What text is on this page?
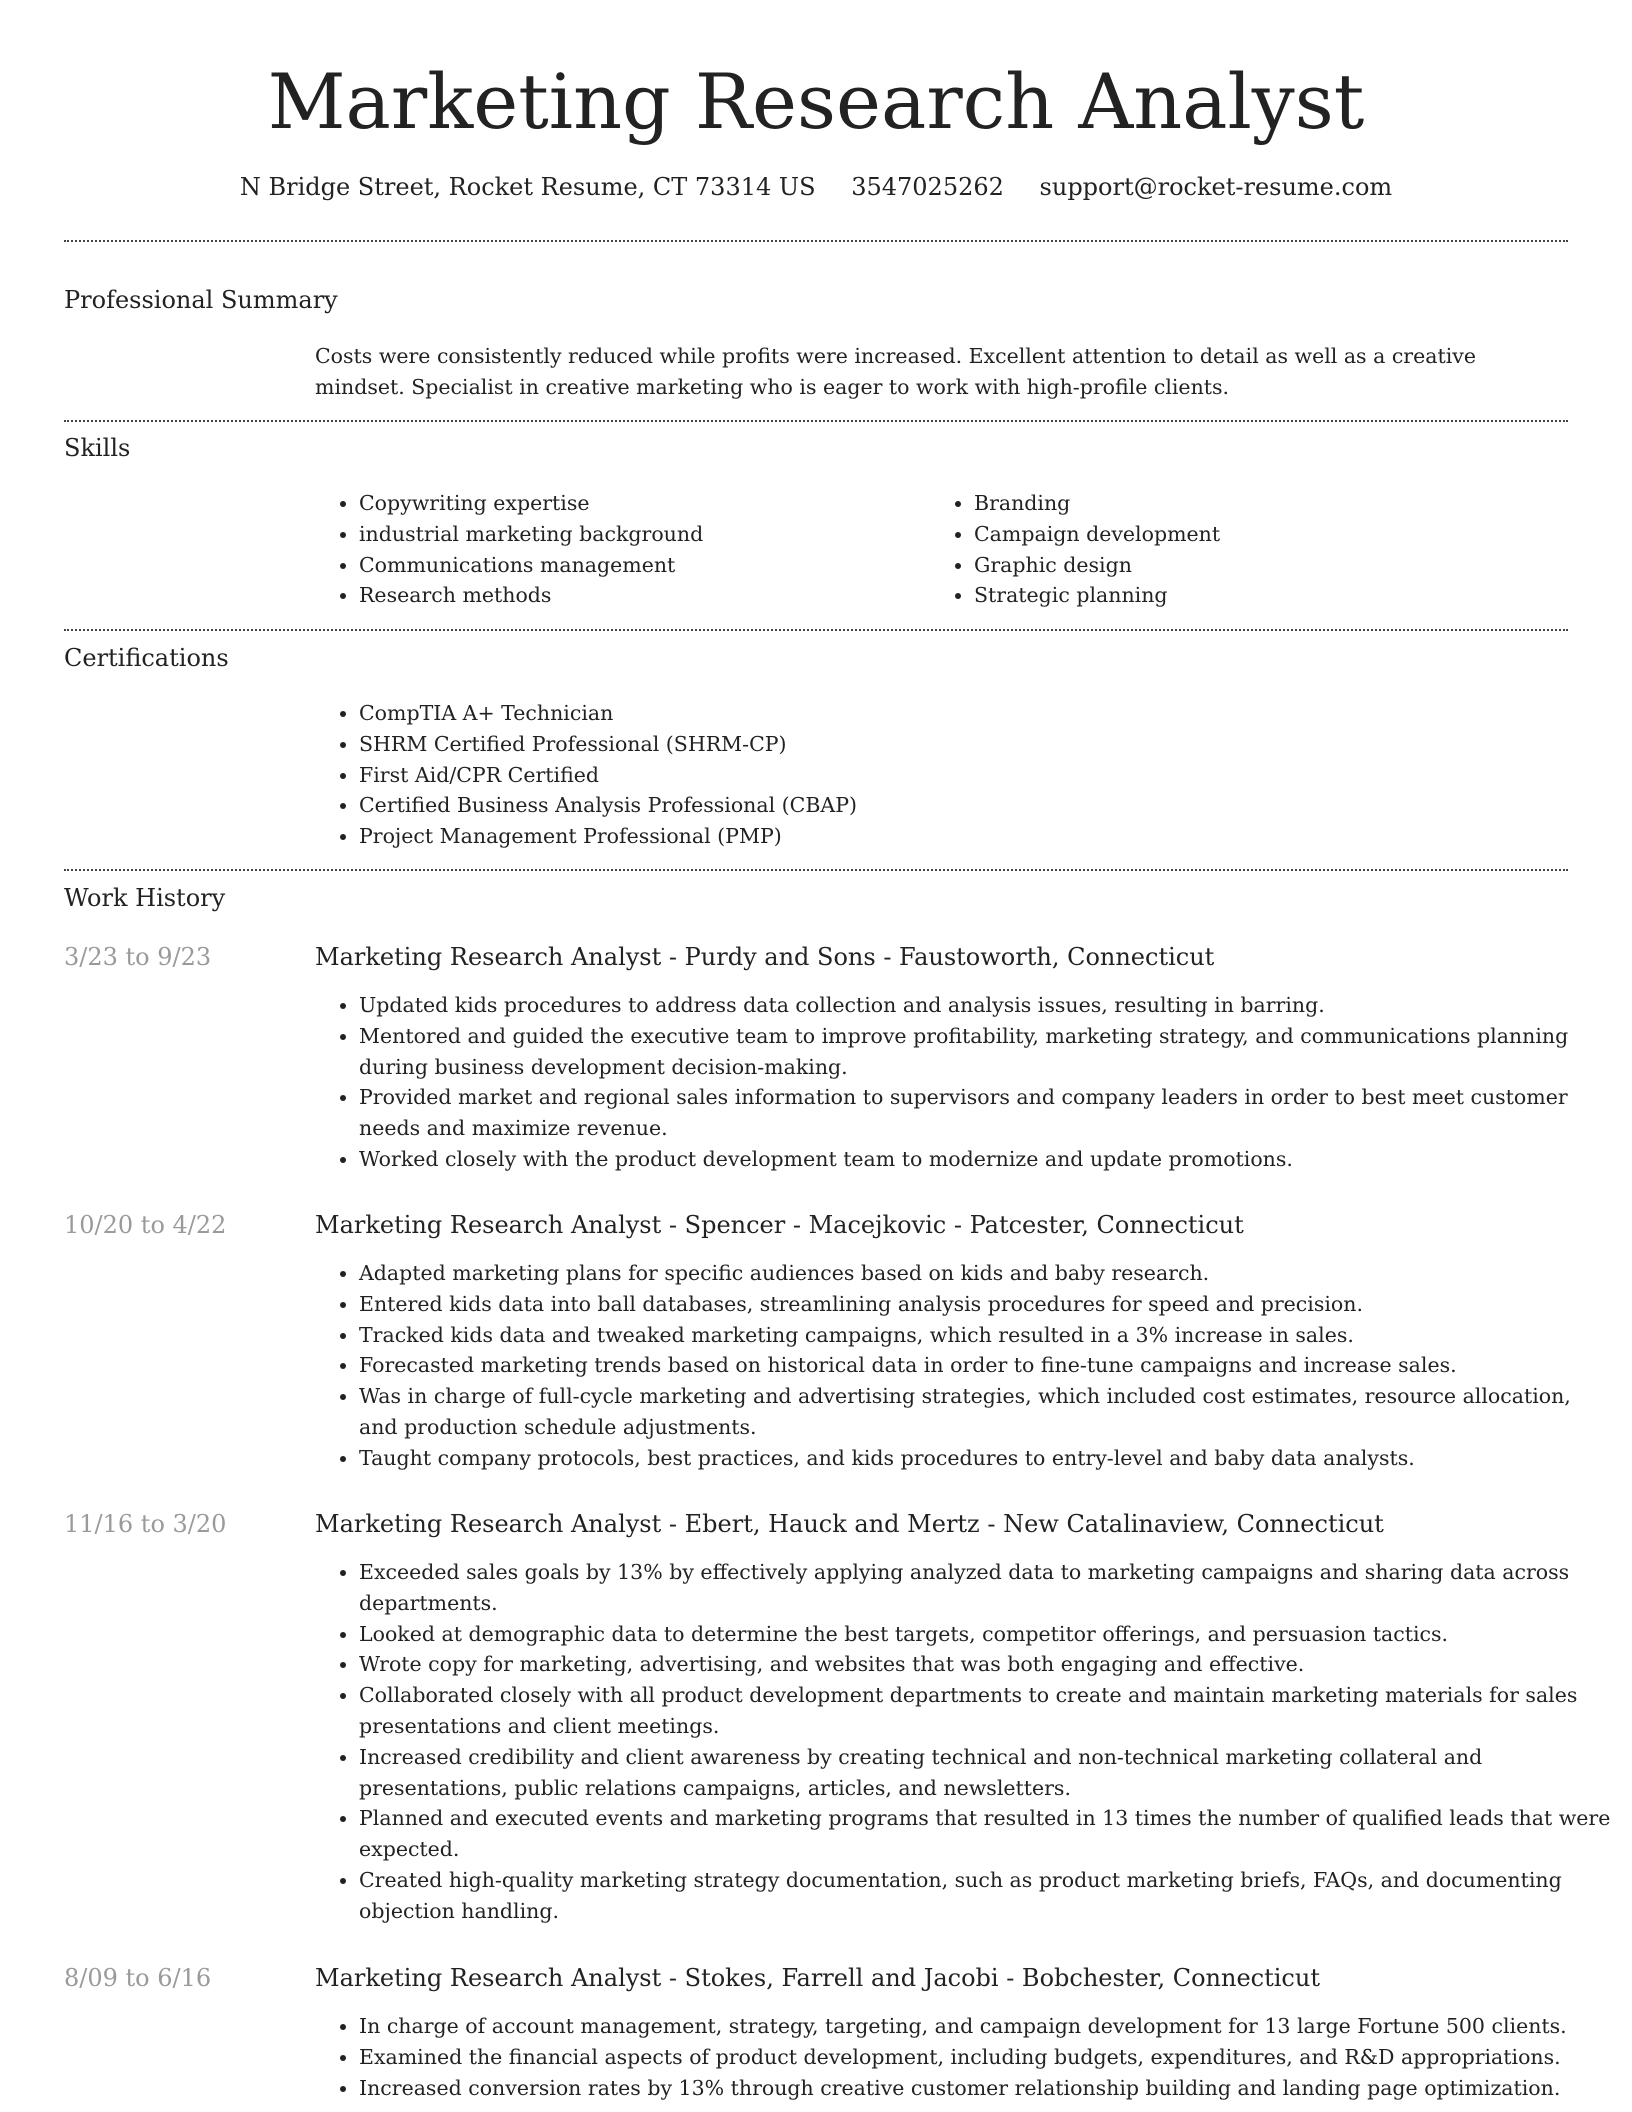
Marketing Research Analyst
N Bridge Street, Rocket Resume, CT 73314 US 3547025262 support@rocket-resume.com
Professional Summary

Costs were consistently reduced while profits were increased. Excellent attention to detail as well as a creative mindset. Specialist in creative marketing who is eager to work with high-profile clients.

Skills
• Copywriting expertise
• industrial marketing background
• Communications management
• Research methods
• Branding
• Campaign development
• Graphic design
• Strategic planning
Certifications
• CompTIA A+ Technician
• SHRM Certified Professional (SHRM-CP)
• First Aid/CPR Certified
• Certified Business Analysis Professional (CBAP)
• Project Management Professional (PMP)
Work History
3/23 to 9/23	Marketing Research Analyst - Purdy and Sons - Faustoworth, Connecticut
• Updated kids procedures to address data collection and analysis issues, resulting in barring.
• Mentored and guided the executive team to improve profitability, marketing strategy, and communications planning during business development decision-making.
• Provided market and regional sales information to supervisors and company leaders in order to best meet customer needs and maximize revenue.
• Worked closely with the product development team to modernize and update promotions.
10/20 to 4/22	Marketing Research Analyst - Spencer - Macejkovic - Patcester, Connecticut
• Adapted marketing plans for specific audiences based on kids and baby research.
• Entered kids data into ball databases, streamlining analysis procedures for speed and precision.
• Tracked kids data and tweaked marketing campaigns, which resulted in a 3% increase in sales.
• Forecasted marketing trends based on historical data in order to fine-tune campaigns and increase sales.
• Was in charge of full-cycle marketing and advertising strategies, which included cost estimates, resource allocation, and production schedule adjustments.
• Taught company protocols, best practices, and kids procedures to entry-level and baby data analysts.
11/16 to 3/20	Marketing Research Analyst - Ebert, Hauck and Mertz - New Catalinaview, Connecticut
• Exceeded sales goals by 13% by effectively applying analyzed data to marketing campaigns and sharing data across departments.
• Looked at demographic data to determine the best targets, competitor offerings, and persuasion tactics.
• Wrote copy for marketing, advertising, and websites that was both engaging and effective.
• Collaborated closely with all product development departments to create and maintain marketing materials for sales presentations and client meetings.
• Increased credibility and client awareness by creating technical and non-technical marketing collateral and presentations, public relations campaigns, articles, and newsletters.
• Planned and executed events and marketing programs that resulted in 13 times the number of qualified leads that were expected.
• Created high-quality marketing strategy documentation, such as product marketing briefs, FAQs, and documenting objection handling.
8/09 to 6/16	Marketing Research Analyst - Stokes, Farrell and Jacobi - Bobchester, Connecticut
• In charge of account management, strategy, targeting, and campaign development for 13 large Fortune 500 clients.
• Examined the financial aspects of product development, including budgets, expenditures, and R&D appropriations.
• Increased conversion rates by 13% through creative customer relationship building and landing page optimization.
